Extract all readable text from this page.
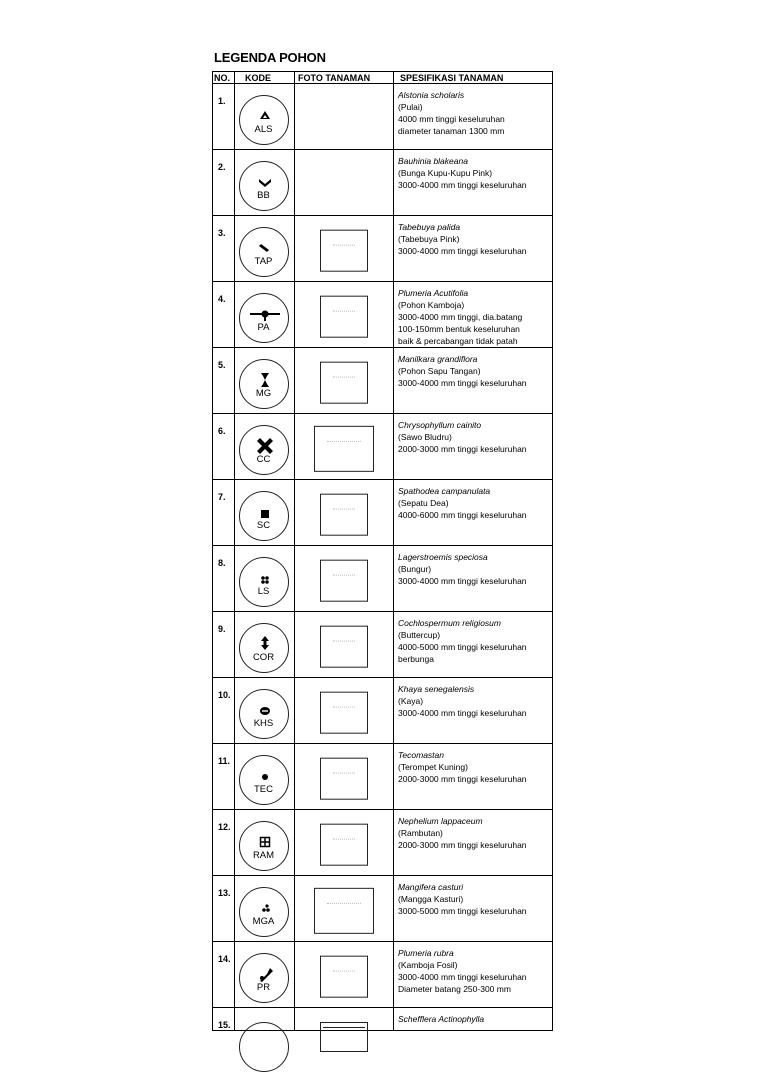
LEGENDA POHON
NO.	KODE	FOTO TANAMAN	SPESIFIKASI TANAMAN
1.	ALS		Alstonia scholaris
(Pulai)
4000 mm tinggi keseluruhan
diameter tanaman 1300 mm

2.	BB		Bauhinia blakeana
(Bunga Kupu-Kupu Pink)
3000-4000 mm tinggi keseluruhan

3.	TAP		Tabebuya palida
(Tabebuya Pink)
3000-4000 mm tinggi keseluruhan

4.	PA		Plumeria Acutifolia
(Pohon Kamboja)
3000-4000 mm tinggi, dia.batang
100-150mm bentuk keseluruhan
baik & percabangan tidak patah

5.	MG		Manilkara grandiflora
(Pohon Sapu Tangan)
3000-4000 mm tinggi keseluruhan

6.	CC		Chrysophyllum cainito
(Sawo Bludru)
2000-3000 mm tinggi keseluruhan

7.	SC		Spathodea campanulata
(Sepatu Dea)
4000-6000 mm tinggi keseluruhan

8.	LS		Lagerstroemis speciosa
(Bungur)
3000-4000 mm tinggi keseluruhan

9.	COR		Cochlospermum religiosum
(Buttercup)
4000-5000 mm tinggi keseluruhan
berbunga

10.	KHS		Khaya senegalensis
(Kaya)
3000-4000 mm tinggi keseluruhan

11.	TEC		Tecomastan
(Terompet Kuning)
2000-3000 mm tinggi keseluruhan

12.	RAM		Nephelium lappaceum
(Rambutan)
2000-3000 mm tinggi keseluruhan

13.	MGA		Mangifera casturi
(Mangga Kasturi)
3000-5000 mm tinggi keseluruhan

14.	PR		Plumeria rubra
(Kamboja Fosil)
3000-4000 mm tinggi keseluruhan
Diameter batang 250-300 mm

15.			Schefflera Actinophylla
